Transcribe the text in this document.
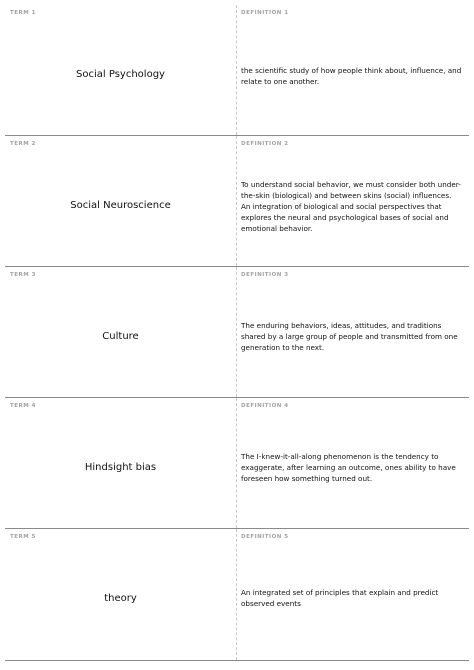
TERM 1
Social Psychology
DEFINITION 1
the scientific study of how people think about, influence, and relate to one another.
TERM 2
Social Neuroscience
DEFINITION 2
To understand social behavior, we must consider both under-the-skin (biological) and between skins (social) influences. An integration of biological and social perspectives that explores the neural and psychological bases of social and emotional behavior.
TERM 3
Culture
DEFINITION 3
The enduring behaviors, ideas, attitudes, and traditions shared by a large group of people and transmitted from one generation to the next.
TERM 4
Hindsight bias
DEFINITION 4
The I-knew-it-all-along phenomenon is the tendency to exaggerate, after learning an outcome, ones ability to have foreseen how something turned out.
TERM 5
theory
DEFINITION 5
An integrated set of principles that explain and predict observed events
